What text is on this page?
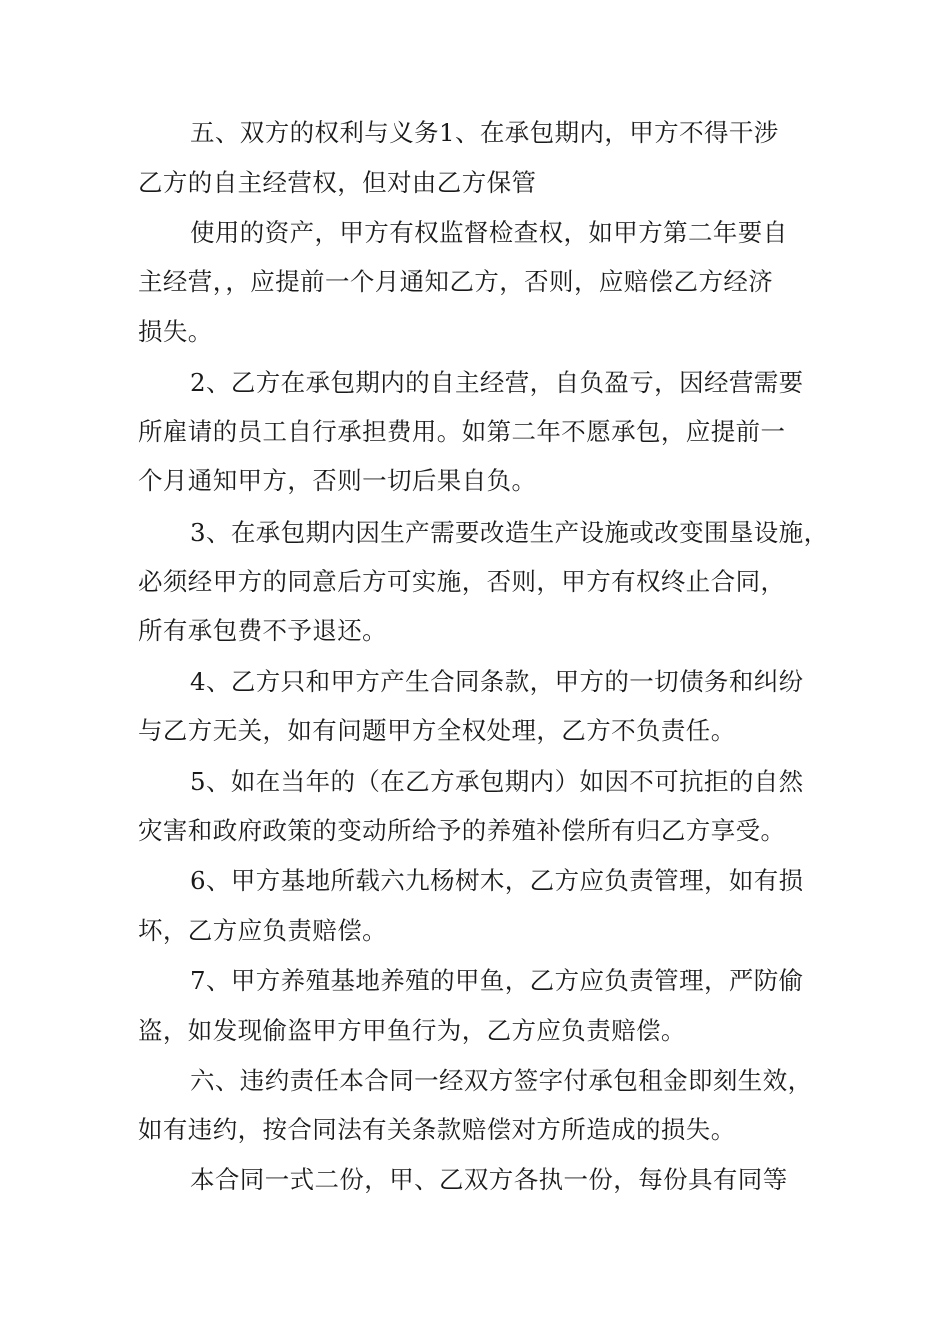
五、双方的权利与义务1、在承包期内，甲方不得干涉
乙方的自主经营权，但对由乙方保管
使用的资产，甲方有权监督检查权，如甲方第二年要自
主经营，，应提前一个月通知乙方，否则，应赔偿乙方经济
损失。
2、乙方在承包期内的自主经营，自负盈亏，因经营需要
所雇请的员工自行承担费用。如第二年不愿承包，应提前一
个月通知甲方，否则一切后果自负。
3、在承包期内因生产需要改造生产设施或改变围垦设施，
必须经甲方的同意后方可实施，否则，甲方有权终止合同，
所有承包费不予退还。
4、乙方只和甲方产生合同条款，甲方的一切债务和纠纷
与乙方无关，如有问题甲方全权处理，乙方不负责任。
5、如在当年的（在乙方承包期内）如因不可抗拒的自然
灾害和政府政策的变动所给予的养殖补偿所有归乙方享受。
6、甲方基地所载六九杨树木，乙方应负责管理，如有损
坏，乙方应负责赔偿。
7、甲方养殖基地养殖的甲鱼，乙方应负责管理，严防偷
盗，如发现偷盗甲方甲鱼行为，乙方应负责赔偿。
六、违约责任本合同一经双方签字付承包租金即刻生效，
如有违约，按合同法有关条款赔偿对方所造成的损失。
本合同一式二份，甲、乙双方各执一份，每份具有同等
